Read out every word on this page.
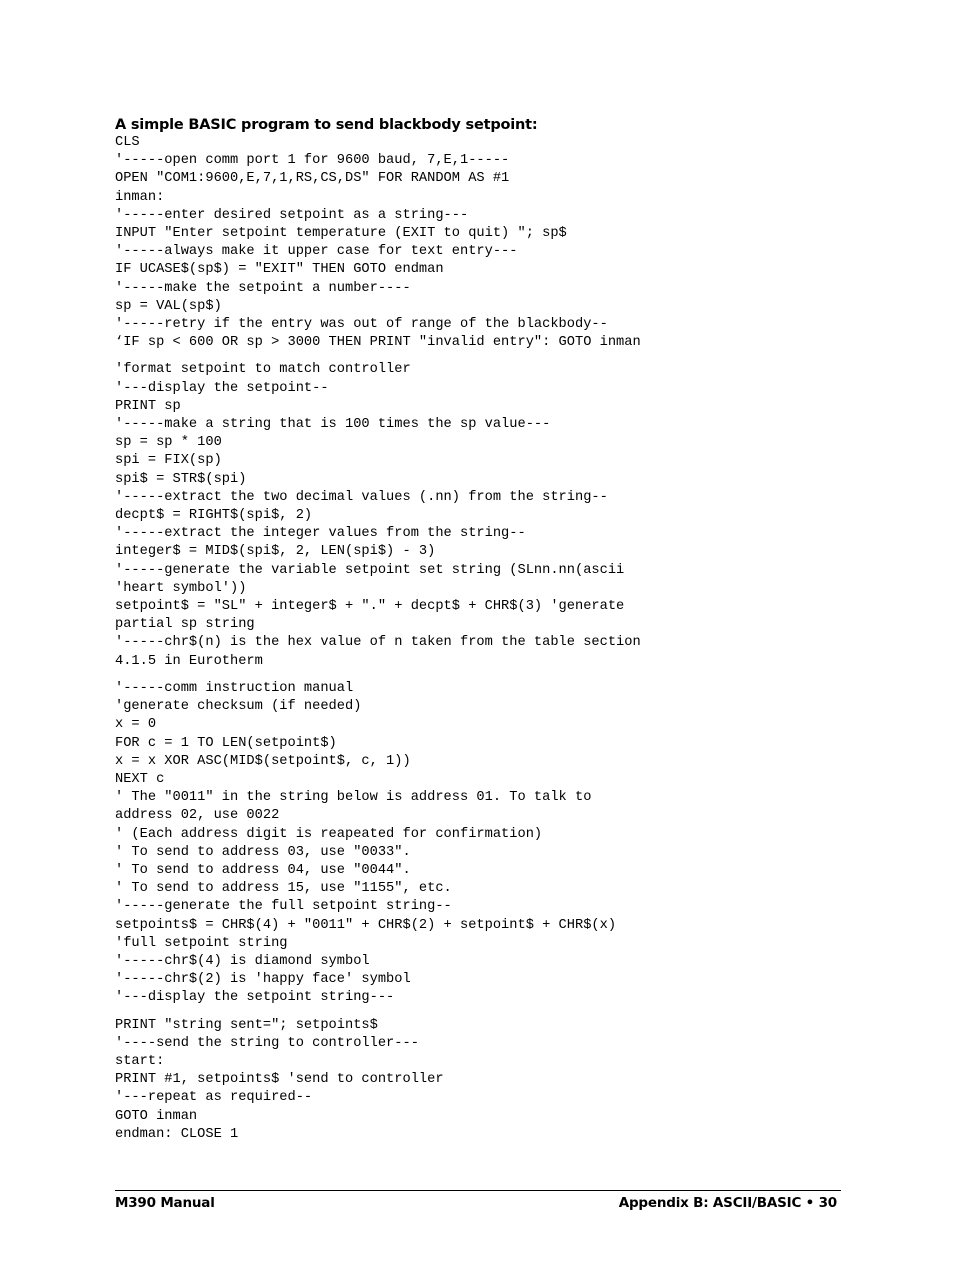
A simple BASIC program to send blackbody setpoint:
CLS
'-----open comm port 1 for 9600 baud, 7,E,1-----
OPEN "COM1:9600,E,7,1,RS,CS,DS" FOR RANDOM AS #1
inman:
'-----enter desired setpoint as a string---
INPUT "Enter setpoint temperature (EXIT to quit) "; sp$
'-----always make it upper case for text entry---
IF UCASE$(sp$) = "EXIT" THEN GOTO endman
'-----make the setpoint a number----
sp = VAL(sp$)
'-----retry if the entry was out of range of the blackbody--
‘IF sp < 600 OR sp > 3000 THEN PRINT "invalid entry": GOTO inman
'format setpoint to match controller
'---display the setpoint--
PRINT sp
'-----make a string that is 100 times the sp value---
sp = sp * 100
spi = FIX(sp)
spi$ = STR$(spi)
'-----extract the two decimal values (.nn) from the string--
decpt$ = RIGHT$(spi$, 2)
'-----extract the integer values from the string--
integer$ = MID$(spi$, 2, LEN(spi$) - 3)
'-----generate the variable setpoint set string (SLnn.nn(ascii
'heart symbol'))
setpoint$ = "SL" + integer$ + "." + decpt$ + CHR$(3) 'generate
partial sp string
'-----chr$(n) is the hex value of n taken from the table section
4.1.5 in Eurotherm
'-----comm instruction manual
'generate checksum (if needed)
x = 0
FOR c = 1 TO LEN(setpoint$)
x = x XOR ASC(MID$(setpoint$, c, 1))
NEXT c
' The "0011" in the string below is address 01. To talk to
address 02, use 0022
' (Each address digit is reapeated for confirmation)
' To send to address 03, use "0033".
' To send to address 04, use "0044".
' To send to address 15, use "1155", etc.
'-----generate the full setpoint string--
setpoints$ = CHR$(4) + "0011" + CHR$(2) + setpoint$ + CHR$(x)
'full setpoint string
'-----chr$(4) is diamond symbol
'-----chr$(2) is 'happy face' symbol
'---display the setpoint string---
PRINT "string sent="; setpoints$
'----send the string to controller---
start:
PRINT #1, setpoints$ 'send to controller
'---repeat as required--
GOTO inman
endman: CLOSE 1
M390 Manual	Appendix B: ASCII/BASIC • 30
